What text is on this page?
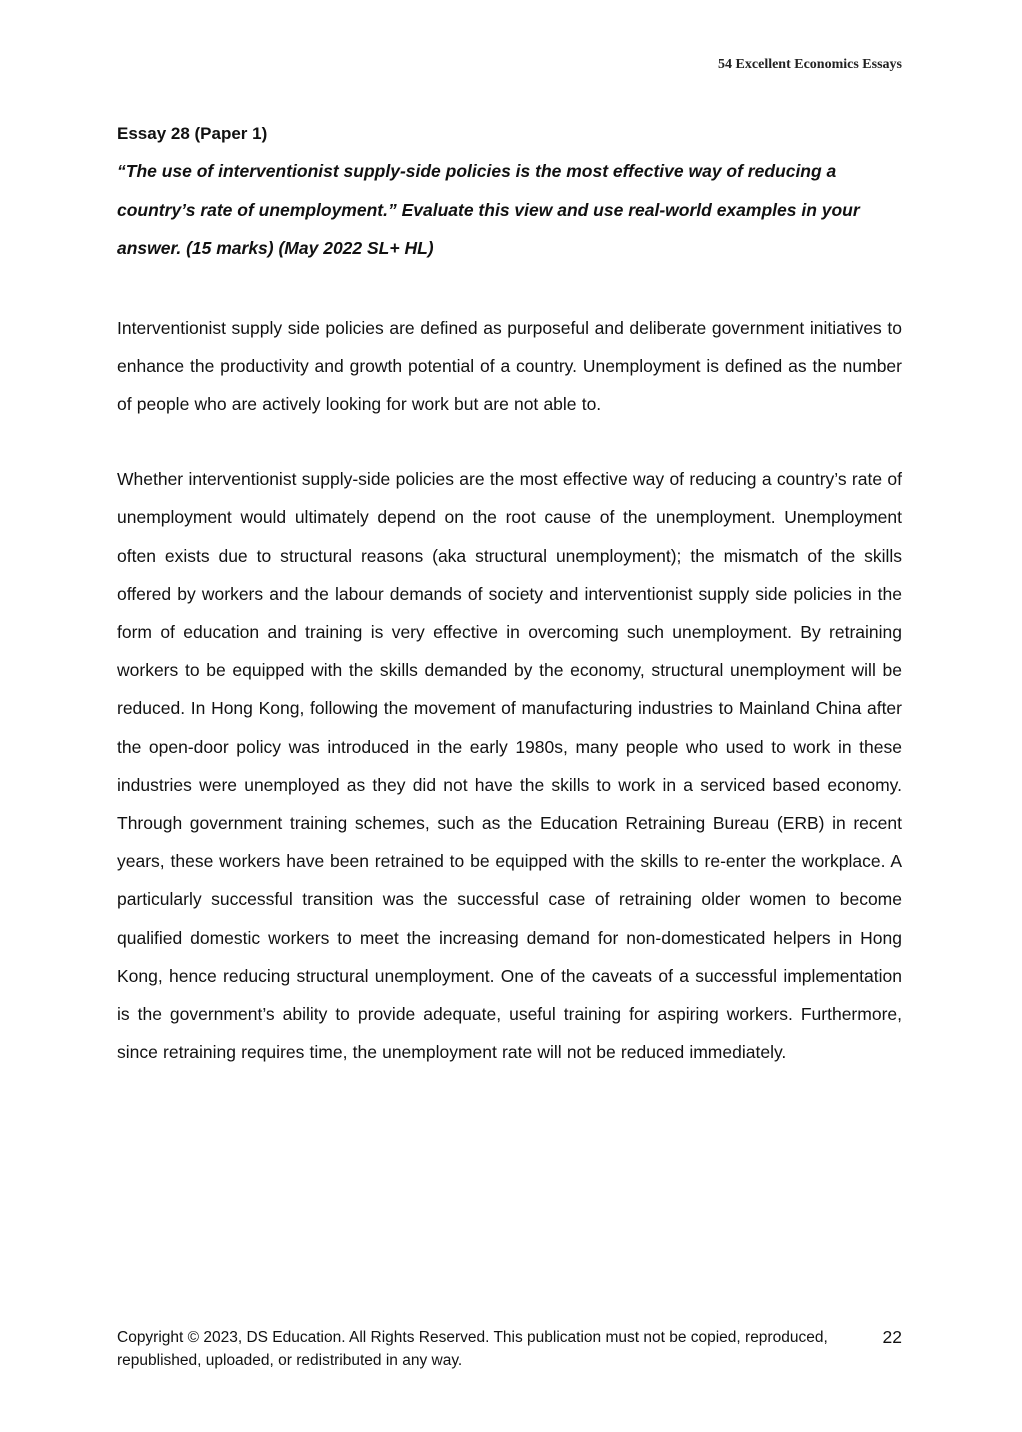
54 Excellent Economics Essays
Essay 28 (Paper 1)

“The use of interventionist supply-side policies is the most effective way of reducing a country’s rate of unemployment.” Evaluate this view and use real-world examples in your answer. (15 marks) (May 2022 SL+ HL)

Interventionist supply side policies are defined as purposeful and deliberate government initiatives to enhance the productivity and growth potential of a country. Unemployment is defined as the number of people who are actively looking for work but are not able to.

Whether interventionist supply-side policies are the most effective way of reducing a country’s rate of unemployment would ultimately depend on the root cause of the unemployment. Unemployment often exists due to structural reasons (aka structural unemployment); the mismatch of the skills offered by workers and the labour demands of society and interventionist supply side policies in the form of education and training is very effective in overcoming such unemployment. By retraining workers to be equipped with the skills demanded by the economy, structural unemployment will be reduced. In Hong Kong, following the movement of manufacturing industries to Mainland China after the open-door policy was introduced in the early 1980s, many people who used to work in these industries were unemployed as they did not have the skills to work in a serviced based economy. Through government training schemes, such as the Education Retraining Bureau (ERB) in recent years, these workers have been retrained to be equipped with the skills to re-enter the workplace. A particularly successful transition was the successful case of retraining older women to become qualified domestic workers to meet the increasing demand for non-domesticated helpers in Hong Kong, hence reducing structural unemployment. One of the caveats of a successful implementation is the government’s ability to provide adequate, useful training for aspiring workers. Furthermore, since retraining requires time, the unemployment rate will not be reduced immediately.

Copyright © 2023, DS Education. All Rights Reserved. This publication must not be copied, reproduced, republished, uploaded, or redistributed in any way.
22
